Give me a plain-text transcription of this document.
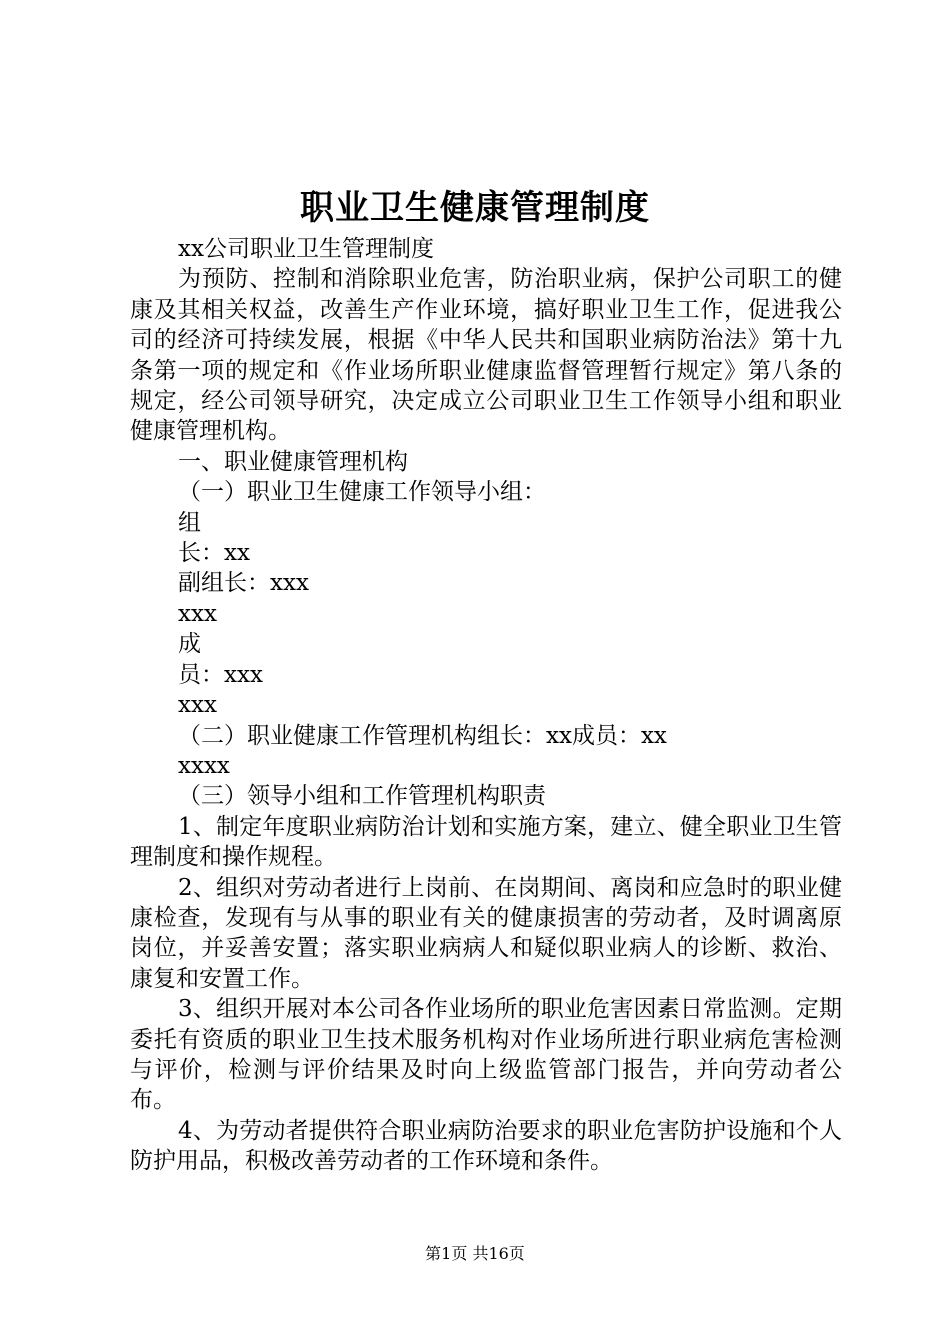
职业卫生健康管理制度

xx公司职业卫生管理制度

为预防、控制和消除职业危害，防治职业病，保护公司职工的健康及其相关权益，改善生产作业环境，搞好职业卫生工作，促进我公司的经济可持续发展，根据《中华人民共和国职业病防治法》第十九条第一项的规定和《作业场所职业健康监督管理暂行规定》第八条的规定，经公司领导研究，决定成立公司职业卫生工作领导小组和职业健康管理机构。

一、职业健康管理机构

（一）职业卫生健康工作领导小组：

组

长：xx

副组长：xxx

xxx

成

员：xxx

xxx

（二）职业健康工作管理机构组长：xx成员：xx

xxxx

（三）领导小组和工作管理机构职责

1、制定年度职业病防治计划和实施方案，建立、健全职业卫生管理制度和操作规程。

2、组织对劳动者进行上岗前、在岗期间、离岗和应急时的职业健康检查，发现有与从事的职业有关的健康损害的劳动者，及时调离原岗位，并妥善安置；落实职业病病人和疑似职业病人的诊断、救治、康复和安置工作。

3、组织开展对本公司各作业场所的职业危害因素日常监测。定期委托有资质的职业卫生技术服务机构对作业场所进行职业病危害检测与评价，检测与评价结果及时向上级监管部门报告，并向劳动者公布。

4、为劳动者提供符合职业病防治要求的职业危害防护设施和个人防护用品，积极改善劳动者的工作环境和条件。

第1页 共16页
